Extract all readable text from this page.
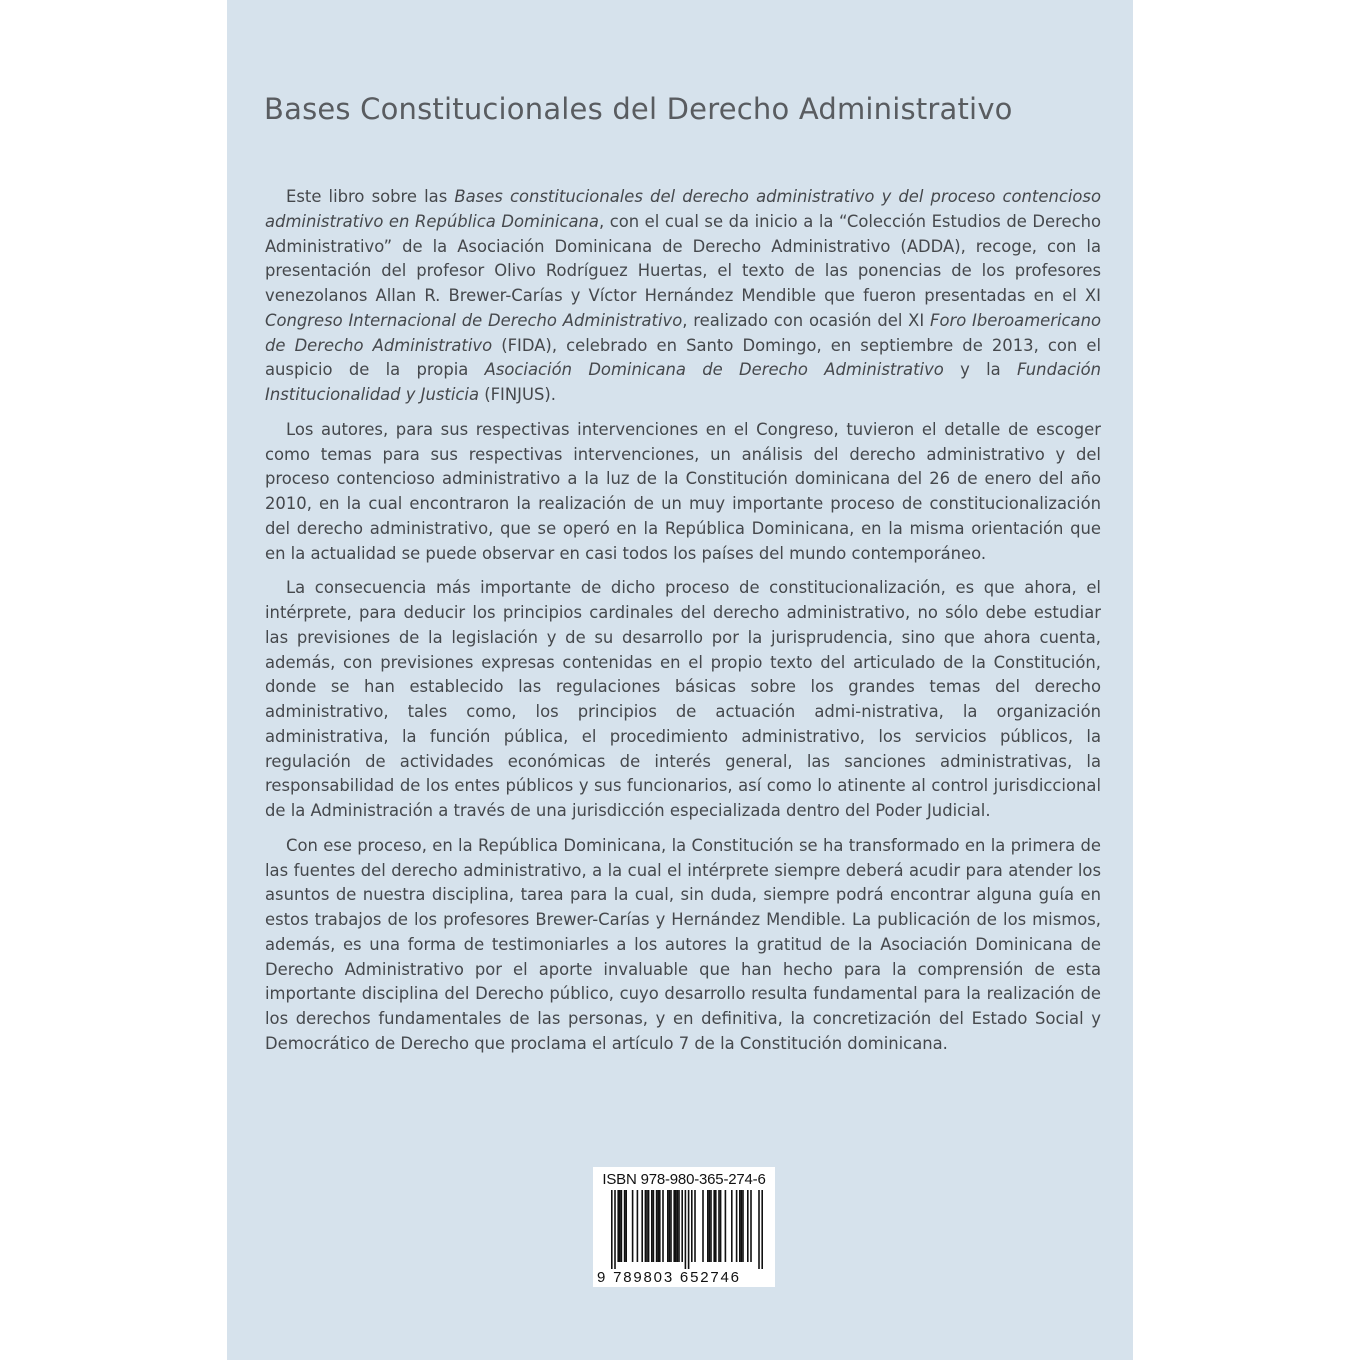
Bases Constitucionales del Derecho Administrativo

Este libro sobre las Bases constitucionales del derecho administrativo y del proceso contencioso administrativo en República Dominicana, con el cual se da inicio a la “Colección Estudios de Derecho Administrativo” de la Asociación Dominicana de Derecho Administrativo (ADDA), recoge, con la presentación del profesor Olivo Rodríguez Huertas, el texto de las ponencias de los profesores venezolanos Allan R. Brewer-Carías y Víctor Hernández Mendible que fueron presentadas en el XI Congreso Internacional de Derecho Administrativo, realizado con ocasión del XI Foro Iberoamericano de Derecho Administrativo (FIDA), celebrado en Santo Domingo, en septiembre de 2013, con el auspicio de la propia Asociación Dominicana de Derecho Administrativo y la Fundación Institucionalidad y Justicia (FINJUS).

Los autores, para sus respectivas intervenciones en el Congreso, tuvieron el detalle de escoger como temas para sus respectivas intervenciones, un análisis del derecho administrativo y del proceso contencioso administrativo a la luz de la Constitución dominicana del 26 de enero del año 2010, en la cual encontraron la realización de un muy importante proceso de constitucionalización del derecho administrativo, que se operó en la República Dominicana, en la misma orientación que en la actualidad se puede observar en casi todos los países del mundo contemporáneo.

La consecuencia más importante de dicho proceso de constitucionalización, es que ahora, el intérprete, para deducir los principios cardinales del derecho administrativo, no sólo debe estudiar las previsiones de la legislación y de su desarrollo por la jurisprudencia, sino que ahora cuenta, además, con previsiones expresas contenidas en el propio texto del articulado de la Constitución, donde se han establecido las regulaciones básicas sobre los grandes temas del derecho administrativo, tales como, los principios de actuación admi-nistrativa, la organización administrativa, la función pública, el procedimiento administrativo, los servicios públicos, la regulación de actividades económicas de interés general, las sanciones administrativas, la responsabilidad de los entes públicos y sus funcionarios, así como lo atinente al control jurisdiccional de la Administración a través de una jurisdicción especializada dentro del Poder Judicial.

Con ese proceso, en la República Dominicana, la Constitución se ha transformado en la primera de las fuentes del derecho administrativo, a la cual el intérprete siempre deberá acudir para atender los asuntos de nuestra disciplina, tarea para la cual, sin duda, siempre podrá encontrar alguna guía en estos trabajos de los profesores Brewer-Carías y Hernández Mendible. La publicación de los mismos, además, es una forma de testimoniarles a los autores la gratitud de la Asociación Dominicana de Derecho Administrativo por el aporte invaluable que han hecho para la comprensión de esta importante disciplina del Derecho público, cuyo desarrollo resulta fundamental para la realización de los derechos fundamentales de las personas, y en definitiva, la concretización del Estado Social y Democrático de Derecho que proclama el artículo 7 de la Constitución dominicana.

ISBN 978-980-365-274-6
9 789803 652746
